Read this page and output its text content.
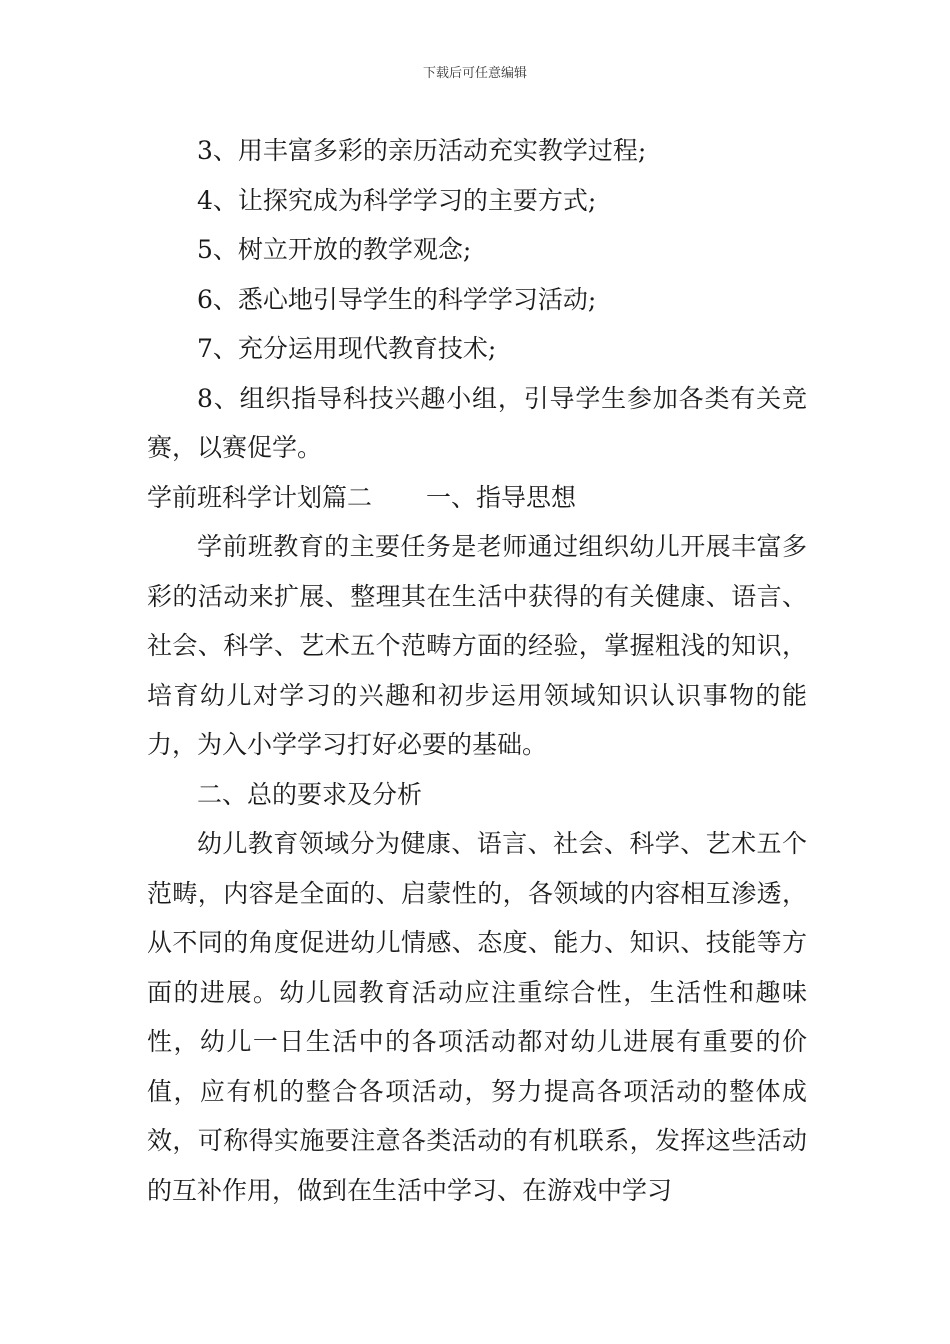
下载后可任意编辑

3、用丰富多彩的亲历活动充实教学过程;

4、让探究成为科学学习的主要方式;

5、树立开放的教学观念;

6、悉心地引导学生的科学学习活动;

7、充分运用现代教育技术;

8、组织指导科技兴趣小组，引导学生参加各类有关竞赛，以赛促学。

学前班科学计划篇二 一、指导思想

学前班教育的主要任务是老师通过组织幼儿开展丰富多彩的活动来扩展、整理其在生活中获得的有关健康、语言、社会、科学、艺术五个范畴方面的经验，掌握粗浅的知识，培育幼儿对学习的兴趣和初步运用领域知识认识事物的能力，为入小学学习打好必要的基础。

二、总的要求及分析

幼儿教育领域分为健康、语言、社会、科学、艺术五个范畴，内容是全面的、启蒙性的，各领域的内容相互渗透，从不同的角度促进幼儿情感、态度、能力、知识、技能等方面的进展。幼儿园教育活动应注重综合性，生活性和趣味性，幼儿一日生活中的各项活动都对幼儿进展有重要的价值，应有机的整合各项活动，努力提高各项活动的整体成效，可称得实施要注意各类活动的有机联系，发挥这些活动的互补作用，做到在生活中学习、在游戏中学习
